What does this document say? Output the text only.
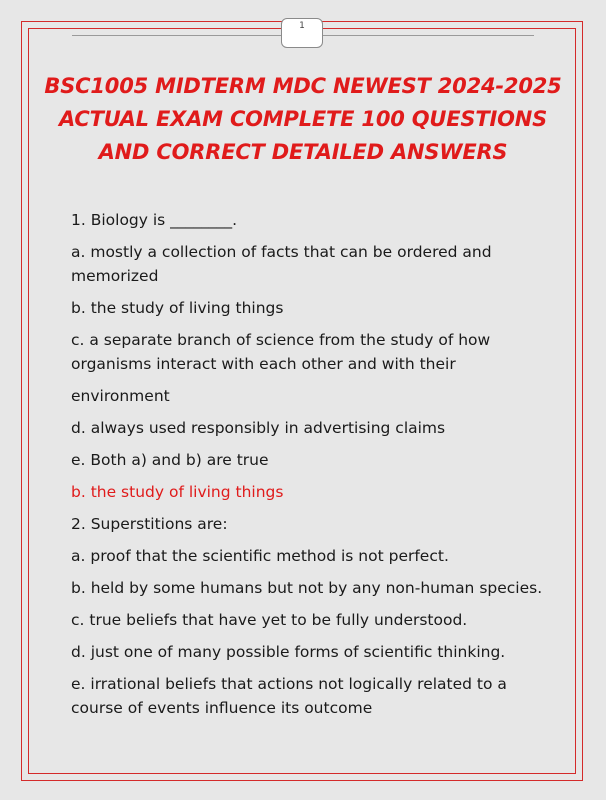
1
BSC1005 MIDTERM MDC NEWEST 2024-2025
ACTUAL EXAM COMPLETE 100 QUESTIONS
AND CORRECT DETAILED ANSWERS
1. Biology is ________.
a. mostly a collection of facts that can be ordered and memorized
b. the study of living things
c. a separate branch of science from the study of how organisms interact with each other and with their
environment
d. always used responsibly in advertising claims
e. Both a) and b) are true
b. the study of living things
2. Superstitions are:
a. proof that the scientific method is not perfect.
b. held by some humans but not by any non-human species.
c. true beliefs that have yet to be fully understood.
d. just one of many possible forms of scientific thinking.
e. irrational beliefs that actions not logically related to a course of events influence its outcome
